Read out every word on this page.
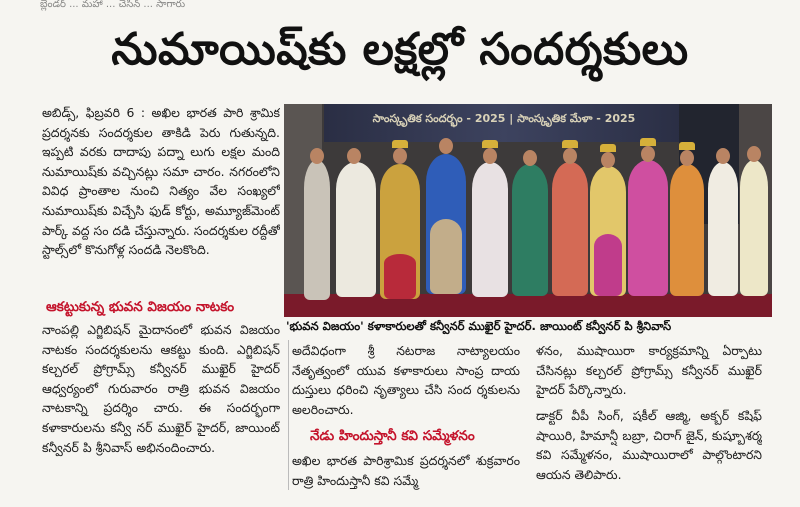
బ్లెండర్ ... మహా ... చేసిన్ ... సాగారు
నుమాయిష్‌కు లక్షల్లో సందర్శకులు
అబిడ్స్, ఫిబ్రవరి 6 : అఖిల భారత పారి శ్రామిక ప్రదర్శనకు సందర్శకుల తాకిడి పెరు గుతున్నది. ఇప్పటి వరకు దాదాపు పద్నా లుగు లక్షల మంది నుమాయిష్‌కు వచ్చినట్లు సమా చారం. నగరంలోని వివిధ ప్రాంతాల నుంచి నిత్యం వేల సంఖ్యలో నుమాయిష్‌కు విచ్చేసి ఫుడ్ కోర్టు, అమ్యూజ్‌మెంట్ పార్క్ వద్ద సం దడి చేస్తున్నారు. సందర్శకుల రద్దీతో స్టాల్స్‌లో కొనుగోళ్ల సందడి నెలకొంది.
ఆకట్టుకున్న భువన విజయం నాటకం
నాంపల్లి ఎగ్జిబిషన్ మైదానంలో భువన విజయం నాటకం సందర్శకులను ఆకట్టు కుంది. ఎగ్జిబిషన్ కల్చరల్ ప్రోగ్రామ్స్ కన్వీనర్ ముఖైర్ హైదర్ ఆధ్వర్యంలో గురువారం రాత్రి భువన విజయం నాటకాన్ని ప్రదర్శిం చారు. ఈ సందర్భంగా కళాకారులను కన్వీ నర్ ముఖైర్ హైదర్, జాయింట్ కన్వీనర్ పి శ్రీనివాస్ అభినందించారు.
సాంస్కృతిక సందర్భం - 2025 | సాంస్కృతిక మేళా - 2025
'భువన విజయం' కళాకారులతో కన్వీనర్ ముఖైర్ హైదర్. జాయింట్ కన్వీనర్ పి శ్రీనివాస్
అదేవిధంగా శ్రీ నటరాజ నాట్యాలయం నేతృత్వంలో యువ కళాకారులు సాంప్ర దాయ దుస్తులు ధరించి నృత్యాలు చేసి సంద ర్శకులను అలరించారు.
నేడు హిందుస్తానీ కవి సమ్మేళనం
అఖిల భారత పారిశ్రామిక ప్రదర్శనలో శుక్రవారం రాత్రి హిందుస్తానీ కవి సమ్మే
ళనం, ముషాయిరా కార్యక్రమాన్ని ఏర్పాటు చేసినట్లు కల్చరల్ ప్రోగ్రామ్స్ కన్వీనర్ ముఖైర్ హైదర్ పేర్కొన్నారు.
డాక్టర్ వీపీ సింగ్, షకీల్ ఆజ్మి, అక్బర్ కషిఫ్ షాయిరి, హిమాన్షీ బబ్రా, చిరాగ్ జైన్, కుష్బూశర్మ కవి సమ్మేళనం, ముషాయిరాలో పాల్గొంటారని ఆయన తెలిపారు.
